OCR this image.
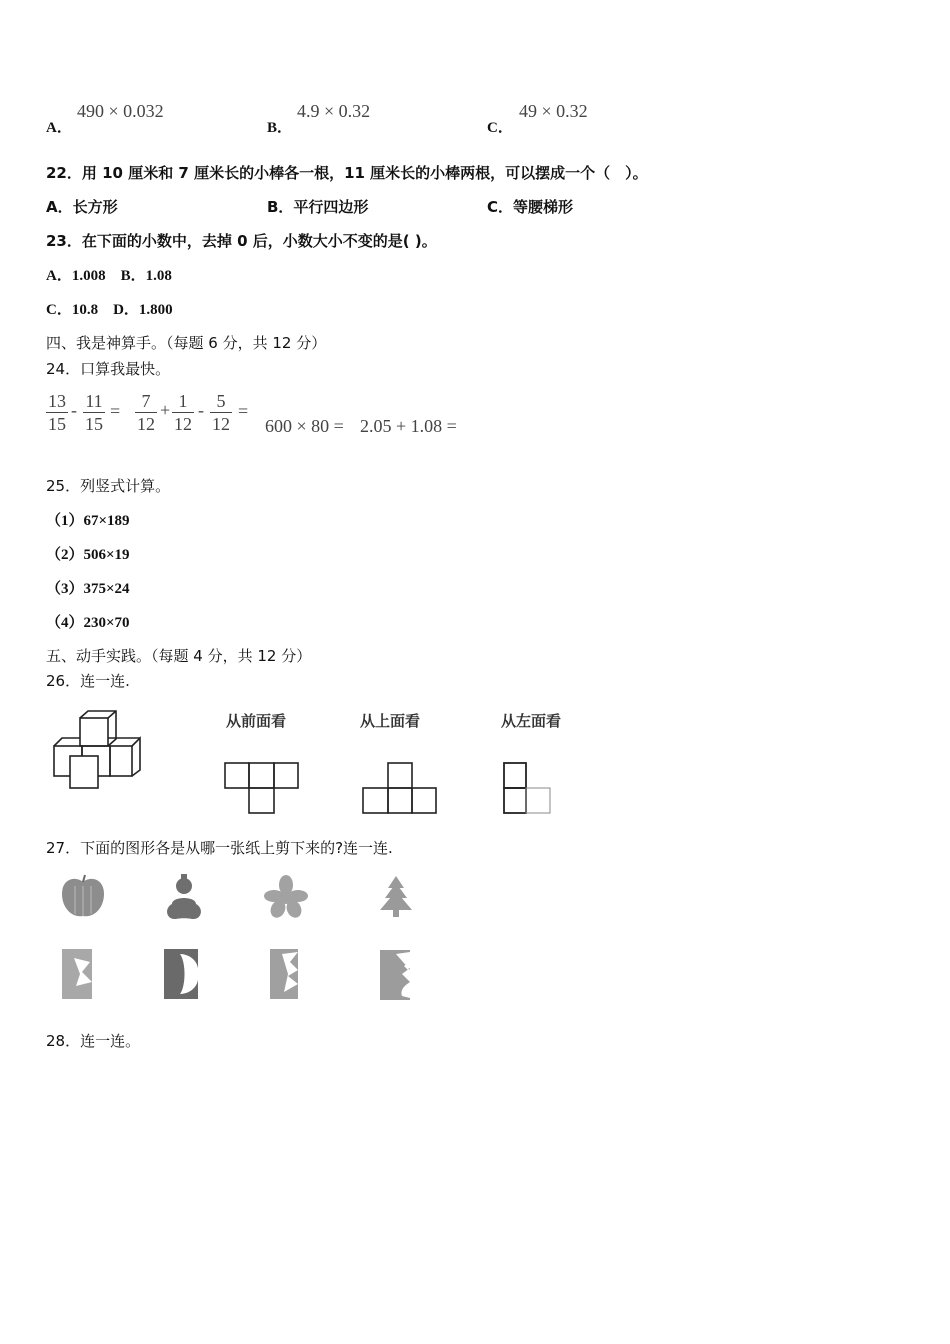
A．
490 × 0.032
B．
4.9 × 0.32
C．
49 × 0.32
22．用 10 厘米和 7 厘米长的小棒各一根，11 厘米长的小棒两根，可以摆成一个（　）。
A．长方形	B．平行四边形	C．等腰梯形
23．在下面的小数中，去掉 0 后，小数大小不变的是( )。
A．1.008　B．1.08
C．10.8　D．1.800
四、我是神算手。（每题 6 分，共 12 分）
24．口算我最快。
13
15
- 11
15
=	7
12
+ 1
12
- 5
12
=
600 × 80 = 2.05 + 1.08 =
25．列竖式计算。
（1）67×189
（2）506×19
（3）375×24
（4）230×70
五、动手实践。（每题 4 分，共 12 分）
26．连一连.
从前面看	从上面看	从左面看
27．下面的图形各是从哪一张纸上剪下来的?连一连.
28．连一连。
